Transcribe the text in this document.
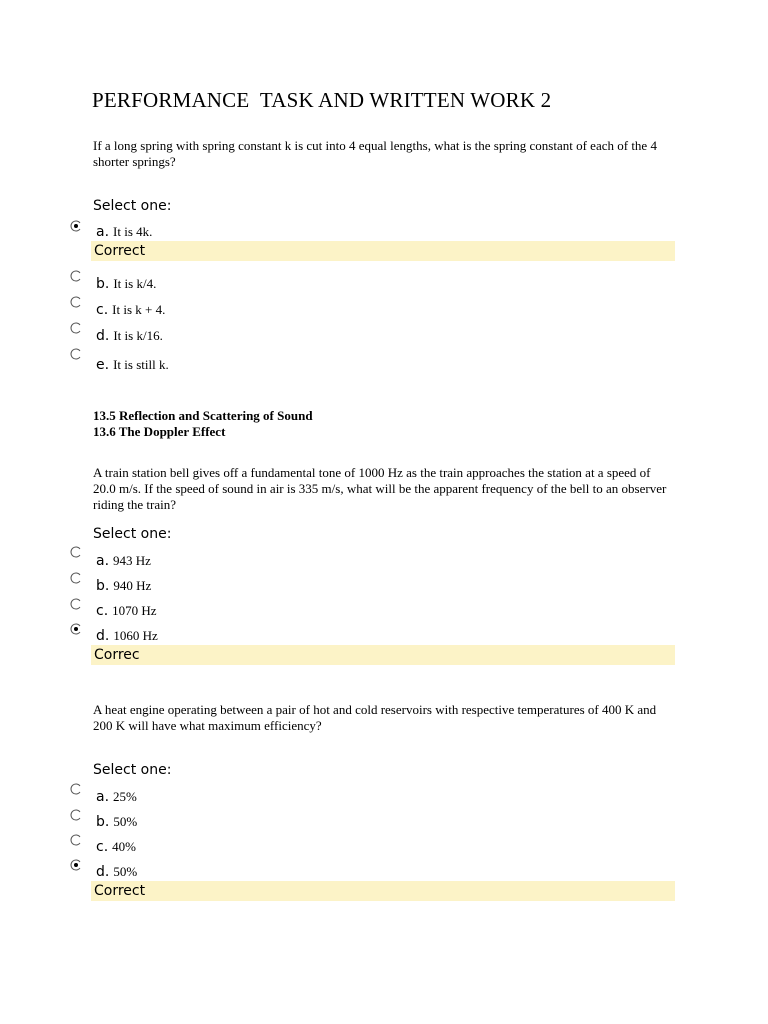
PERFORMANCE  TASK AND WRITTEN WORK 2
If a long spring with spring constant k is cut into 4 equal lengths, what is the spring constant of each of the 4 shorter springs?
Select one:
a. It is 4k.
Correct
b. It is k/4.
c. It is k + 4.
d. It is k/16.
e. It is still k.
13.5 Reflection and Scattering of Sound
13.6 The Doppler Effect
A train station bell gives off a fundamental tone of 1000 Hz as the train approaches the station at a speed of 20.0 m/s. If the speed of sound in air is 335 m/s, what will be the apparent frequency of the bell to an observer riding the train?
Select one:
a. 943 Hz
b. 940 Hz
c. 1070 Hz
d. 1060 Hz
Correc
A heat engine operating between a pair of hot and cold reservoirs with respective temperatures of 400 K and 200 K will have what maximum efficiency?
Select one:
a. 25%
b. 50%
c. 40%
d. 50%
Correct
